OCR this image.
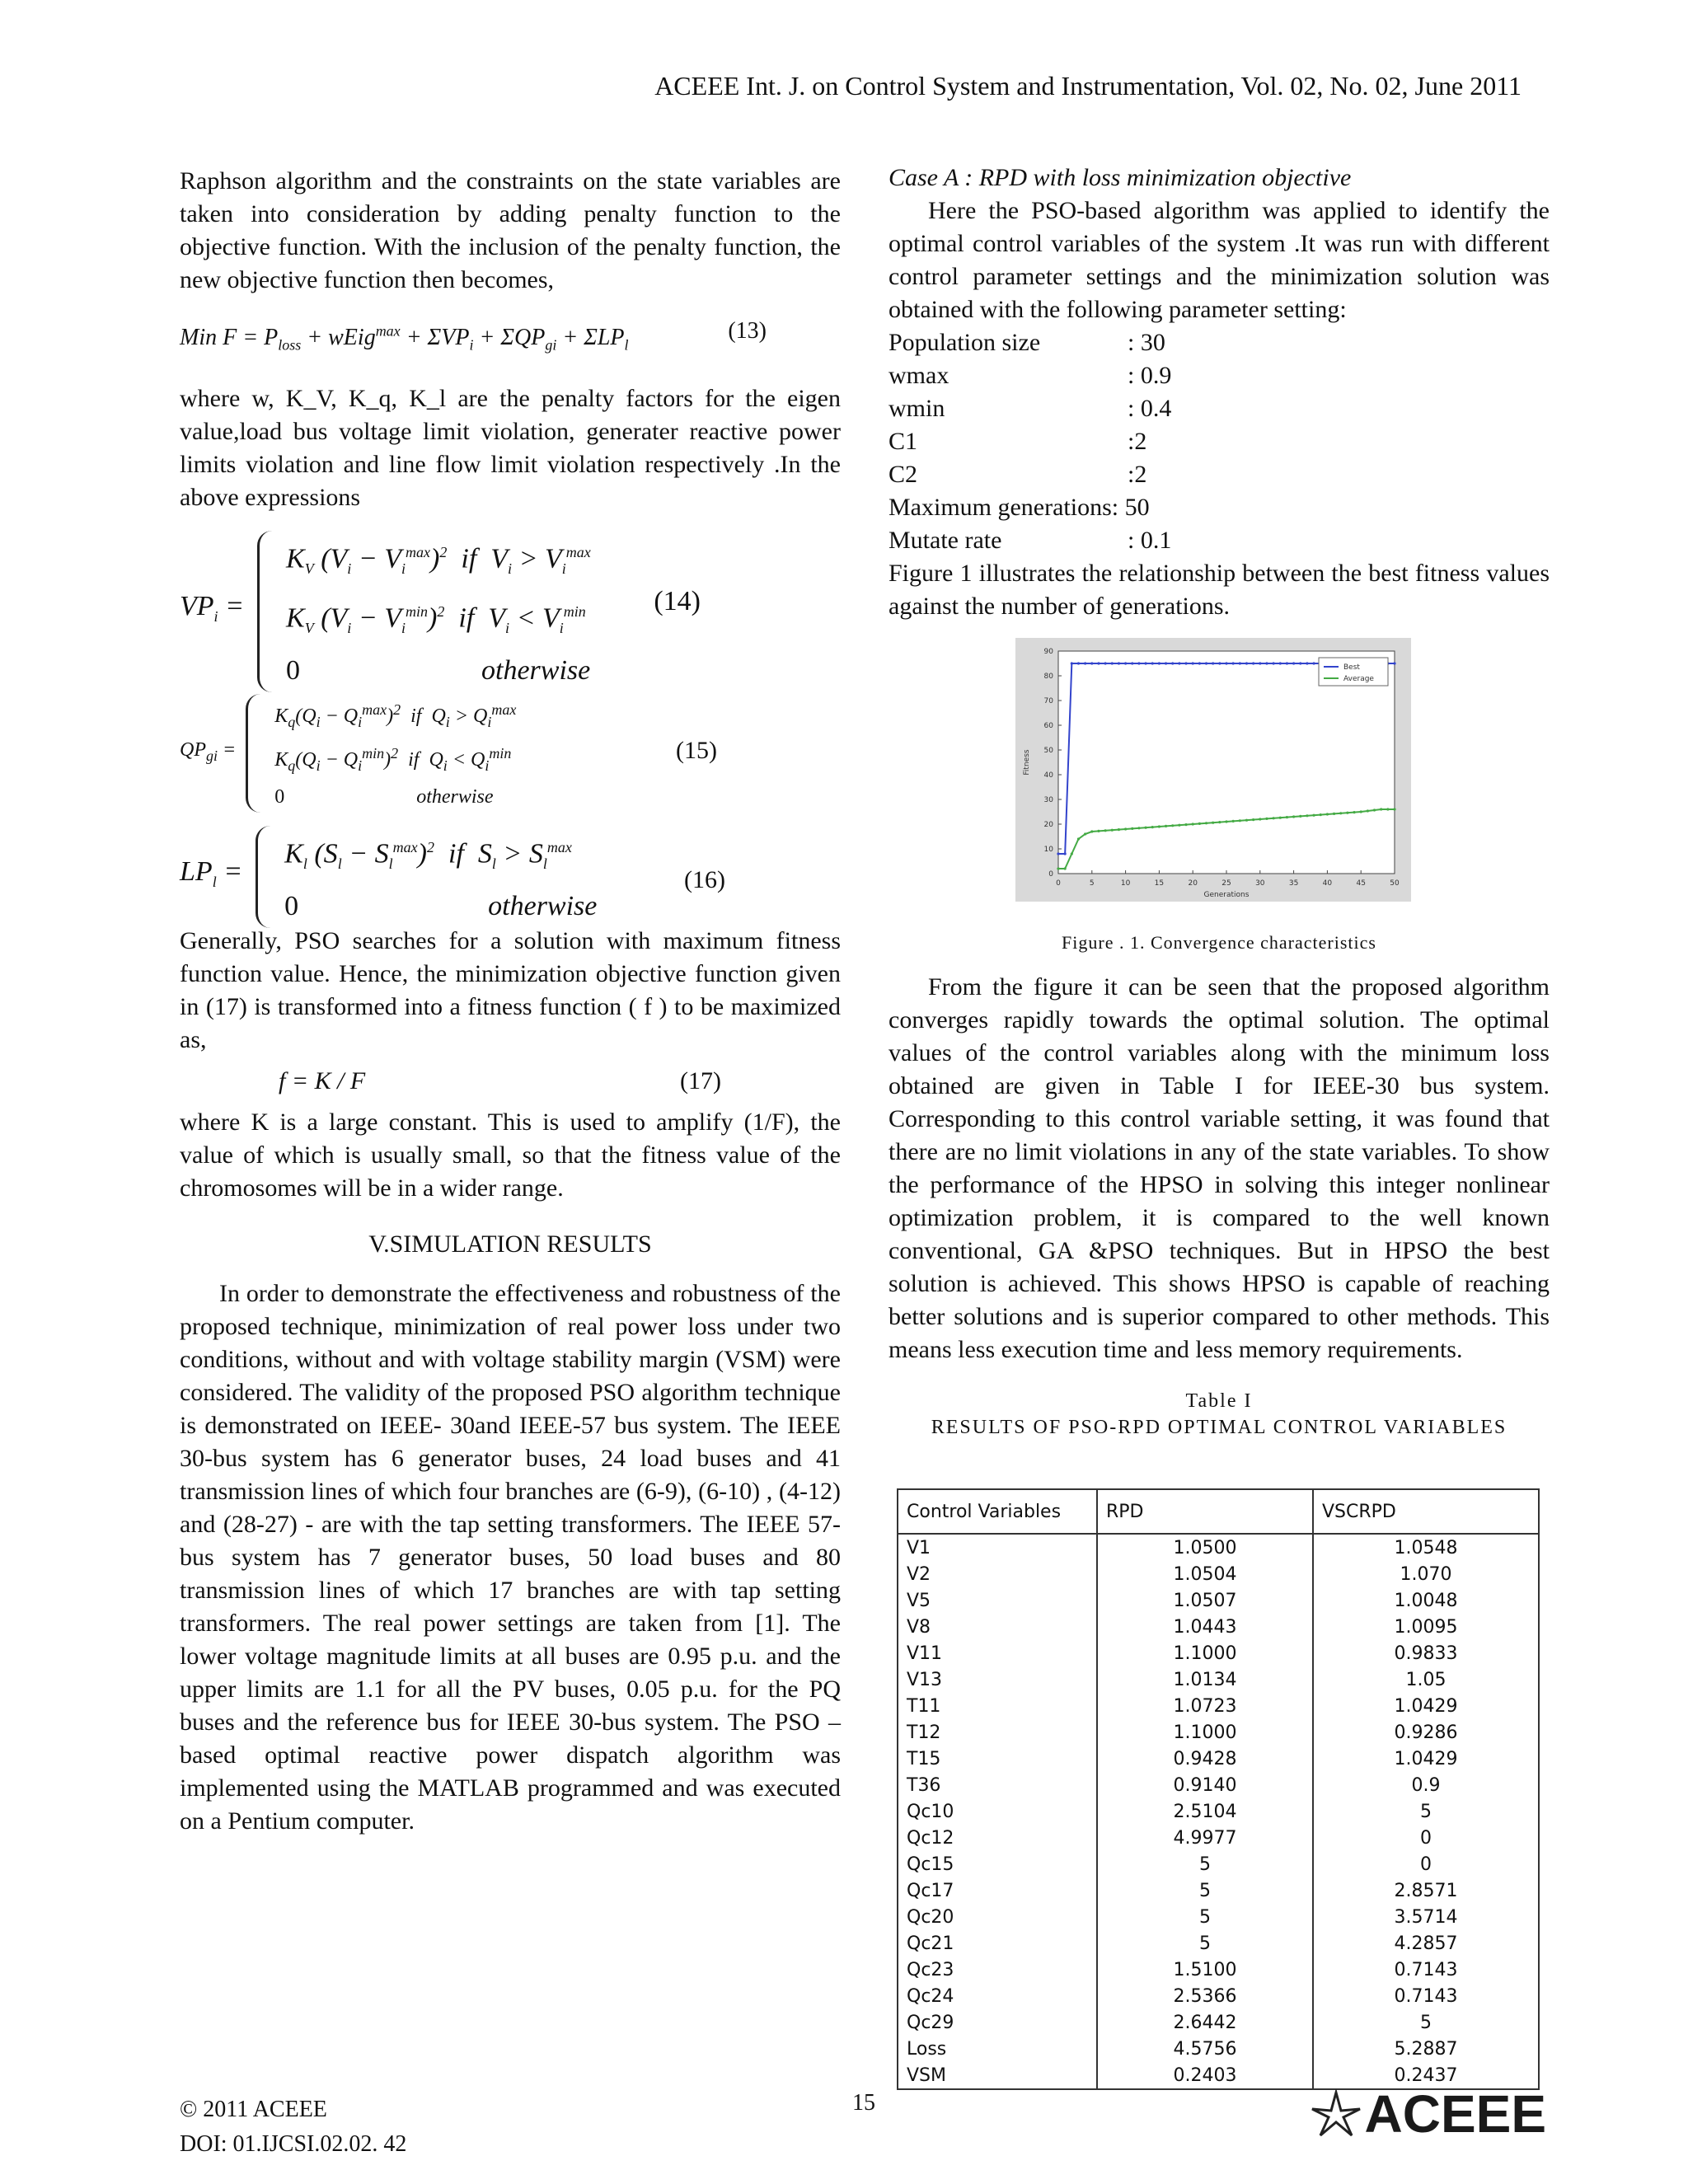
ACEEE Int. J. on Control System and Instrumentation, Vol. 02, No. 02, June 2011

Raphson algorithm and the constraints on the state variables are taken into consideration by adding penalty function to the objective function. With the inclusion of the penalty function, the new objective function then becomes,

Min $F = P_{loss}$ + wEig$^{max}$ + $\Sigma VP_i + \Sigma QP_{gi} + \Sigma LP_l$
(13)

where w, K_V, K_q, K_l are the penalty factors for the eigen value,load bus voltage limit violation, generater reactive power limits violation and line flow limit violation respectively .In the above expressions

$VP_i$ =
$K_V$ $(V_i - V_i^{max})^2$  if  $V_i > V_i^{max}$
$K_V$ $(V_i - V_i^{min})^2$  if  $V_i < V_i^{min}$
0	otherwise
(14)
$QP_{gi}$ =
$K_q(Q_i - Q_i^{max})^2$  if  $Q_i > Q_i^{max}$
$K_q(Q_i - Q_i^{min})^2$  if  $Q_i < Q_i^{min}$
0	otherwise
(15)
$LP_l$ =
$K_l$ $(S_l - S_l^{max})^2$  if  $S_l > S_l^{max}$
0	otherwise
(16)

Generally, PSO searches for a solution with maximum fitness function value. Hence, the minimization objective function given in (17) is transformed into a fitness function ( f ) to be maximized as,

f = K / F	(17)

where K is a large constant. This is used to amplify (1/F), the value of which is usually small, so that the fitness value of the chromosomes will be in a wider range.

V.SIMULATION RESULTS

In order to demonstrate the effectiveness and robustness of the proposed technique, minimization of real power loss under two conditions, without and with voltage stability margin (VSM) were considered. The validity of the proposed PSO algorithm technique is demonstrated on IEEE- 30and IEEE-57 bus system. The IEEE 30-bus system has 6 generator buses, 24 load buses and 41 transmission lines of which four branches are (6-9), (6-10) , (4-12) and (28-27) - are with the tap setting transformers. The IEEE 57-bus system has 7 generator buses, 50 load buses and 80 transmission lines of which 17 branches are with tap setting transformers. The real power settings are taken from [1]. The lower voltage magnitude limits at all buses are 0.95 p.u. and the upper limits are 1.1 for all the PV buses, 0.05 p.u. for the PQ buses and the reference bus for IEEE 30-bus system. The PSO –based optimal reactive power dispatch algorithm was implemented using the MATLAB programmed and was executed on a Pentium computer.

Case A : RPD with loss minimization objective

Here the PSO-based algorithm was applied to identify the optimal control variables of the system .It was run with different control parameter settings and the minimization solution was obtained with the following parameter setting:

Population size	: 30
wmax	: 0.9
wmin	: 0.4
C1	:2
C2	:2
Maximum generations:
50
Mutate rate	: 0.1

Figure 1 illustrates the relationship between the best fitness values against the number of generations.

0	5	10	15	20	25	30	35	40	45	50
0
10
20
30
40
50
60
70
80
90
Generations
Fitness
Best
Average
Figure . 1. Convergence characteristics

From the figure it can be seen that the proposed algorithm converges rapidly towards the optimal solution. The optimal values of the control variables along with the minimum loss obtained are given in Table I for IEEE-30 bus system. Corresponding to this control variable setting, it was found that there are no limit violations in any of the state variables. To show the performance of the HPSO in solving this integer nonlinear optimization problem, it is compared to the well known conventional, GA &PSO techniques. But in HPSO the best solution is achieved. This shows HPSO is capable of reaching better solutions and is superior compared to other methods. This means less execution time and less memory requirements.

Table I
RESULTS OF PSO-RPD OPTIMAL CONTROL VARIABLES
Control Variables	RPD	VSCRPD
V1	1.0500	1.0548
V2	1.0504	1.070
V5	1.0507	1.0048
V8	1.0443	1.0095
V11	1.1000	0.9833
V13	1.0134	1.05
T11	1.0723	1.0429
T12	1.1000	0.9286
T15	0.9428	1.0429
T36	0.9140	0.9
Qc10	2.5104	5
Qc12	4.9977	0
Qc15	5	0
Qc17	5	2.8571
Qc20	5	3.5714
Qc21	5	4.2857
Qc23	1.5100	0.7143
Qc24	2.5366	0.7143
Qc29	2.6442	5
Loss	4.5756	5.2887
VSM	0.2403	0.2437
© 2011 ACEEE
DOI: 01.IJCSI.02.02. 42
15	ACEEE
